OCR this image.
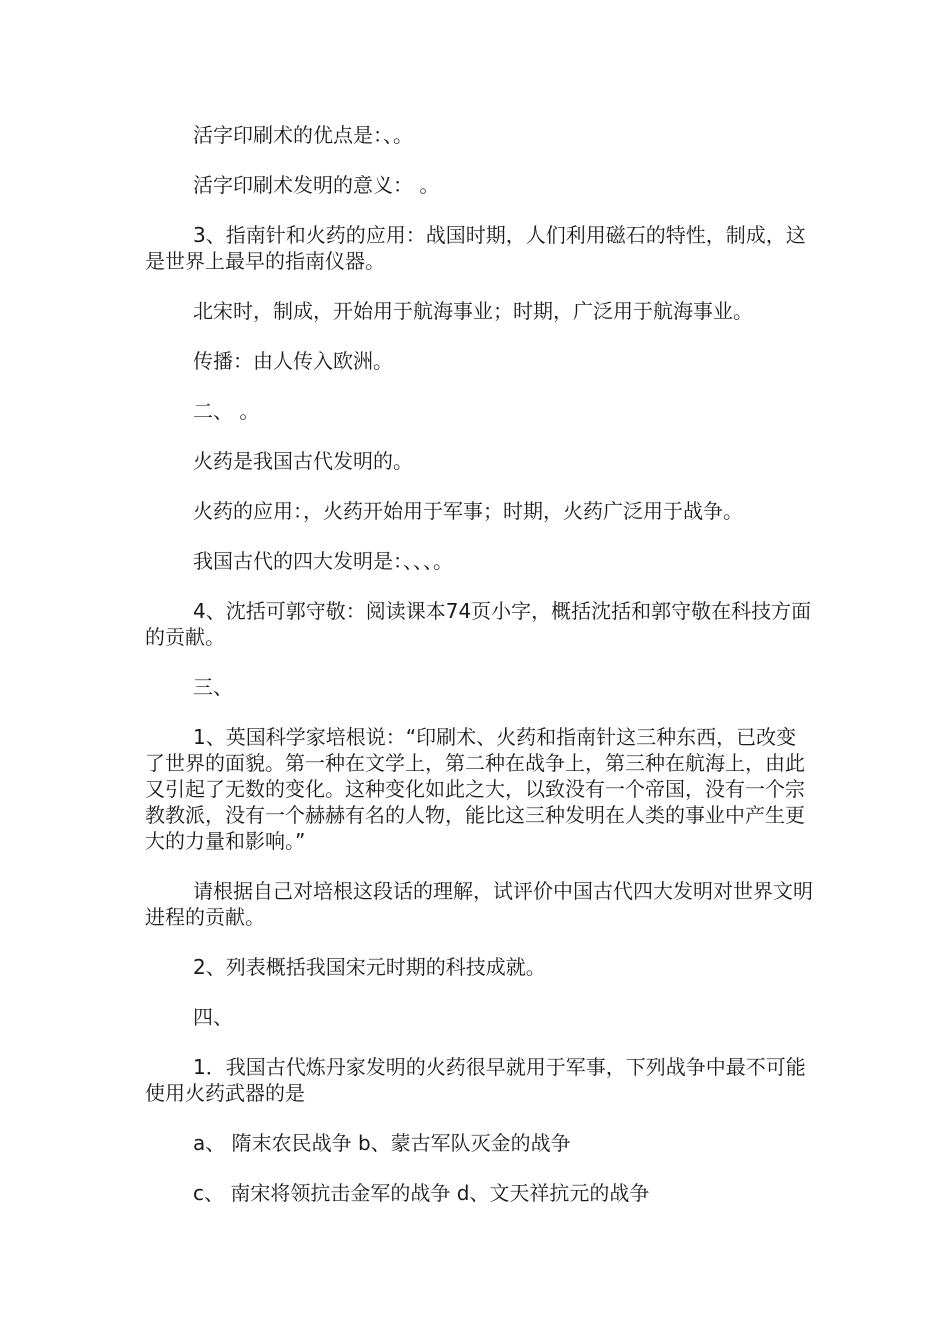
活字印刷术的优点是：、。

活字印刷术发明的意义： 。

3、指南针和火药的应用：战国时期，人们利用磁石的特性，制成，这是世界上最早的指南仪器。

北宋时，制成，开始用于航海事业；时期，广泛用于航海事业。

传播：由人传入欧洲。

二、 。

火药是我国古代发明的。

火药的应用：，火药开始用于军事；时期，火药广泛用于战争。

我国古代的四大发明是：、、、。

4、沈括可郭守敬：阅读课本74页小字，概括沈括和郭守敬在科技方面的贡献。

三、

1、英国科学家培根说：“印刷术、火药和指南针这三种东西，已改变了世界的面貌。第一种在文学上，第二种在战争上，第三种在航海上，由此又引起了无数的变化。这种变化如此之大，以致没有一个帝国，没有一个宗教教派，没有一个赫赫有名的人物，能比这三种发明在人类的事业中产生更大的力量和影响。”

请根据自己对培根这段话的理解，试评价中国古代四大发明对世界文明进程的贡献。

2、列表概括我国宋元时期的科技成就。

四、

1．我国古代炼丹家发明的火药很早就用于军事，下列战争中最不可能使用火药武器的是

a、 隋末农民战争 b、蒙古军队灭金的战争

c、 南宋将领抗击金军的战争 d、文天祥抗元的战争
